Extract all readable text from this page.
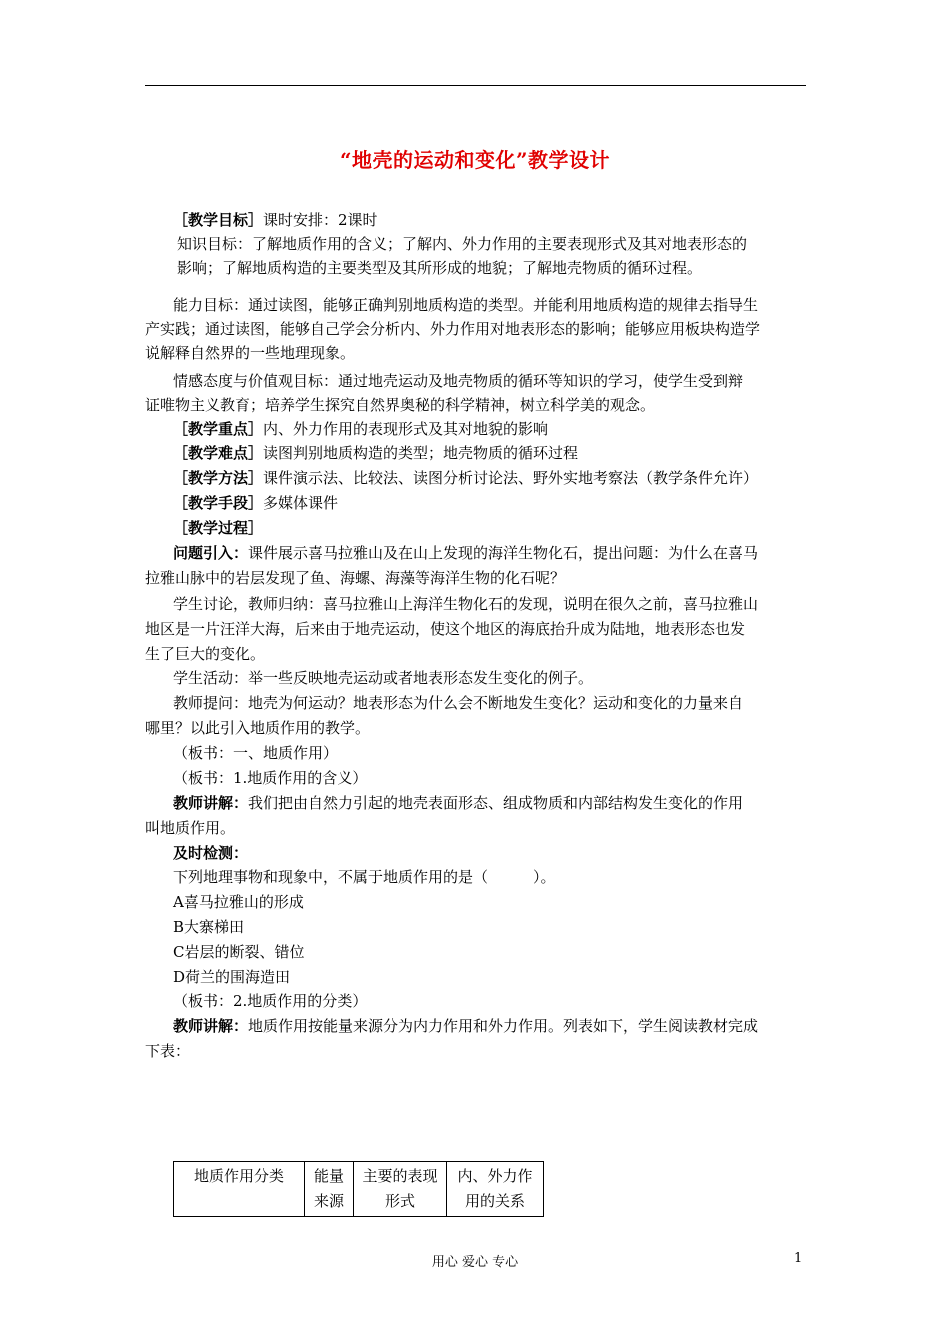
“地壳的运动和变化”教学设计
［教学目标］课时安排：2课时
知识目标：了解地质作用的含义；了解内、外力作用的主要表现形式及其对地表形态的
影响；了解地质构造的主要类型及其所形成的地貌；了解地壳物质的循环过程。
能力目标：通过读图，能够正确判别地质构造的类型。并能利用地质构造的规律去指导生
产实践；通过读图，能够自己学会分析内、外力作用对地表形态的影响；能够应用板块构造学
说解释自然界的一些地理现象。
情感态度与价值观目标：通过地壳运动及地壳物质的循环等知识的学习，使学生受到辩
证唯物主义教育；培养学生探究自然界奥秘的科学精神，树立科学美的观念。
［教学重点］内、外力作用的表现形式及其对地貌的影响
［教学难点］读图判别地质构造的类型；地壳物质的循环过程
［教学方法］课件演示法、比较法、读图分析讨论法、野外实地考察法（教学条件允许）
［教学手段］多媒体课件
［教学过程］
问题引入：课件展示喜马拉雅山及在山上发现的海洋生物化石，提出问题：为什么在喜马
拉雅山脉中的岩层发现了鱼、海螺、海藻等海洋生物的化石呢？
学生讨论，教师归纳：喜马拉雅山上海洋生物化石的发现，说明在很久之前，喜马拉雅山
地区是一片汪洋大海，后来由于地壳运动，使这个地区的海底抬升成为陆地，地表形态也发
生了巨大的变化。
学生活动：举一些反映地壳运动或者地表形态发生变化的例子。
教师提问：地壳为何运动？地表形态为什么会不断地发生变化？运动和变化的力量来自
哪里？以此引入地质作用的教学。
（板书：一、地质作用）
（板书：1.地质作用的含义）
教师讲解：我们把由自然力引起的地壳表面形态、组成物质和内部结构发生变化的作用
叫地质作用。
及时检测：
下列地理事物和现象中，不属于地质作用的是（　　　）。
A喜马拉雅山的形成
B大寨梯田
C岩层的断裂、错位
D荷兰的围海造田
（板书：2.地质作用的分类）
教师讲解：地质作用按能量来源分为内力作用和外力作用。列表如下，学生阅读教材完成
下表：
地质作用分类	能量来源	主要的表现形式	内、外力作用的关系
用心 爱心 专心	1
